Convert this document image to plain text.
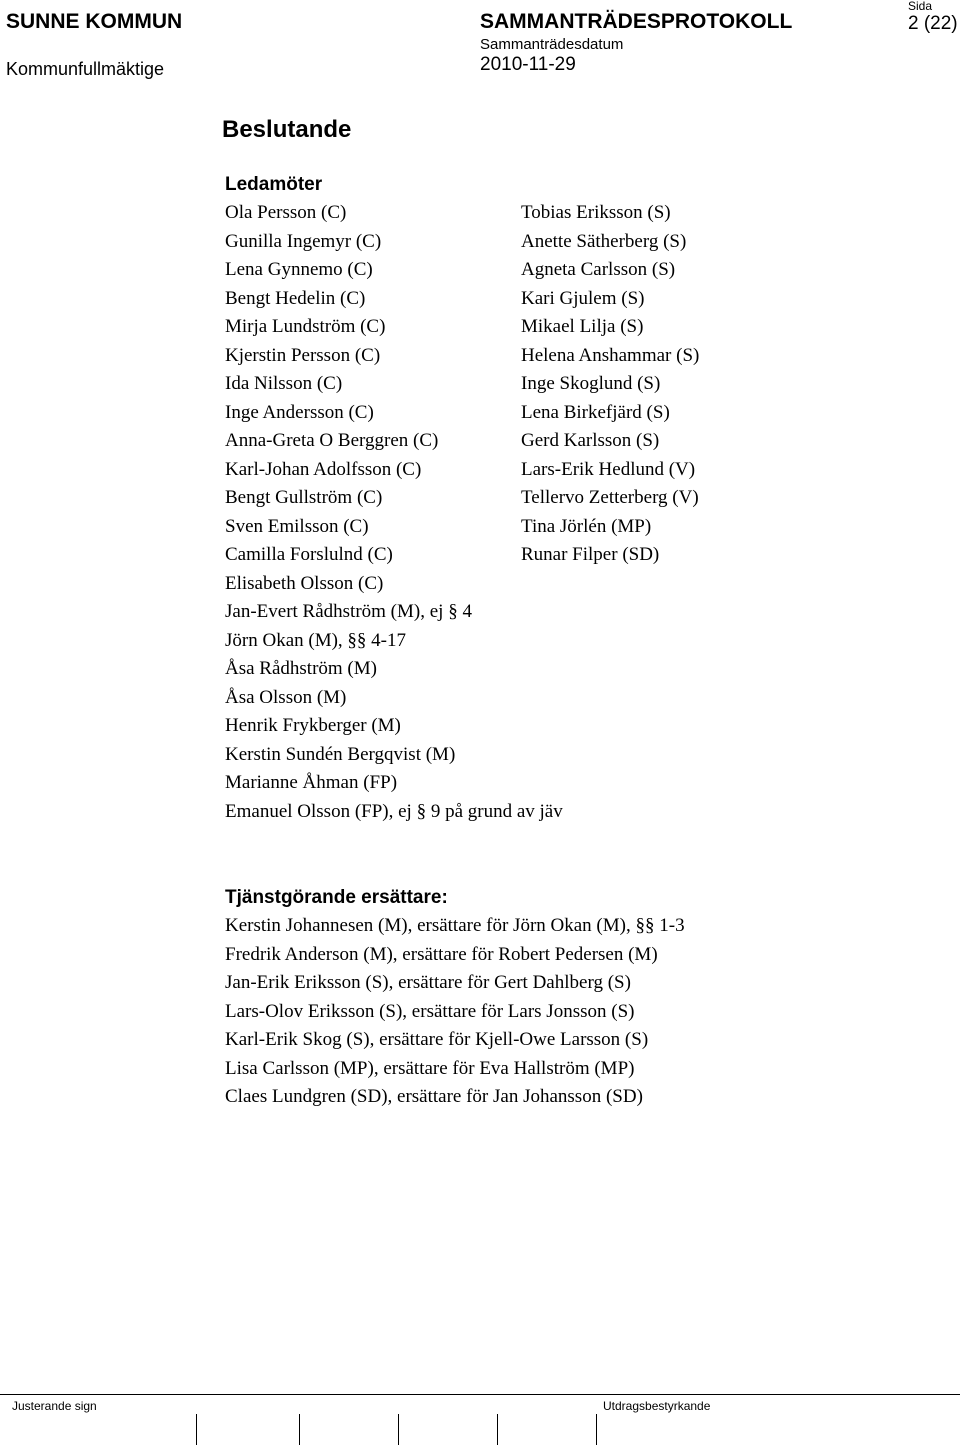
SUNNE KOMMUN
Kommunfullmäktige
SAMMANTRÄDESPROTOKOLL
Sammanträdesdatum
2010-11-29
Sida
2 (22)
Beslutande
Ledamöter
Ola Persson (C)
Gunilla Ingemyr (C)
Lena Gynnemo (C)
Bengt Hedelin (C)
Mirja Lundström (C)
Kjerstin Persson (C)
Ida Nilsson (C)
Inge Andersson (C)
Anna-Greta O Berggren (C)
Karl-Johan Adolfsson (C)
Bengt Gullström (C)
Sven Emilsson (C)
Camilla Forslulnd (C)
Elisabeth Olsson (C)
Jan-Evert Rådhström (M), ej § 4
Jörn Okan (M), §§ 4-17
Åsa Rådhström (M)
Åsa Olsson (M)
Henrik Frykberger (M)
Kerstin Sundén Bergqvist (M)
Marianne Åhman (FP)
Emanuel Olsson (FP), ej § 9 på grund av jäv
Tobias Eriksson (S)
Anette Sätherberg (S)
Agneta Carlsson (S)
Kari Gjulem (S)
Mikael Lilja (S)
Helena Anshammar (S)
Inge Skoglund (S)
Lena Birkefjärd (S)
Gerd Karlsson (S)
Lars-Erik Hedlund (V)
Tellervo Zetterberg (V)
Tina Jörlén (MP)
Runar Filper (SD)
Tjänstgörande ersättare:
Kerstin Johannesen (M), ersättare för Jörn Okan (M), §§ 1-3
Fredrik Anderson (M), ersättare för Robert Pedersen (M)
Jan-Erik Eriksson (S), ersättare för Gert Dahlberg (S)
Lars-Olov Eriksson (S), ersättare för Lars Jonsson (S)
Karl-Erik Skog (S), ersättare för Kjell-Owe Larsson (S)
Lisa Carlsson (MP), ersättare för Eva Hallström (MP)
Claes Lundgren (SD), ersättare för Jan Johansson (SD)
Justerande sign	Utdragsbestyrkande
